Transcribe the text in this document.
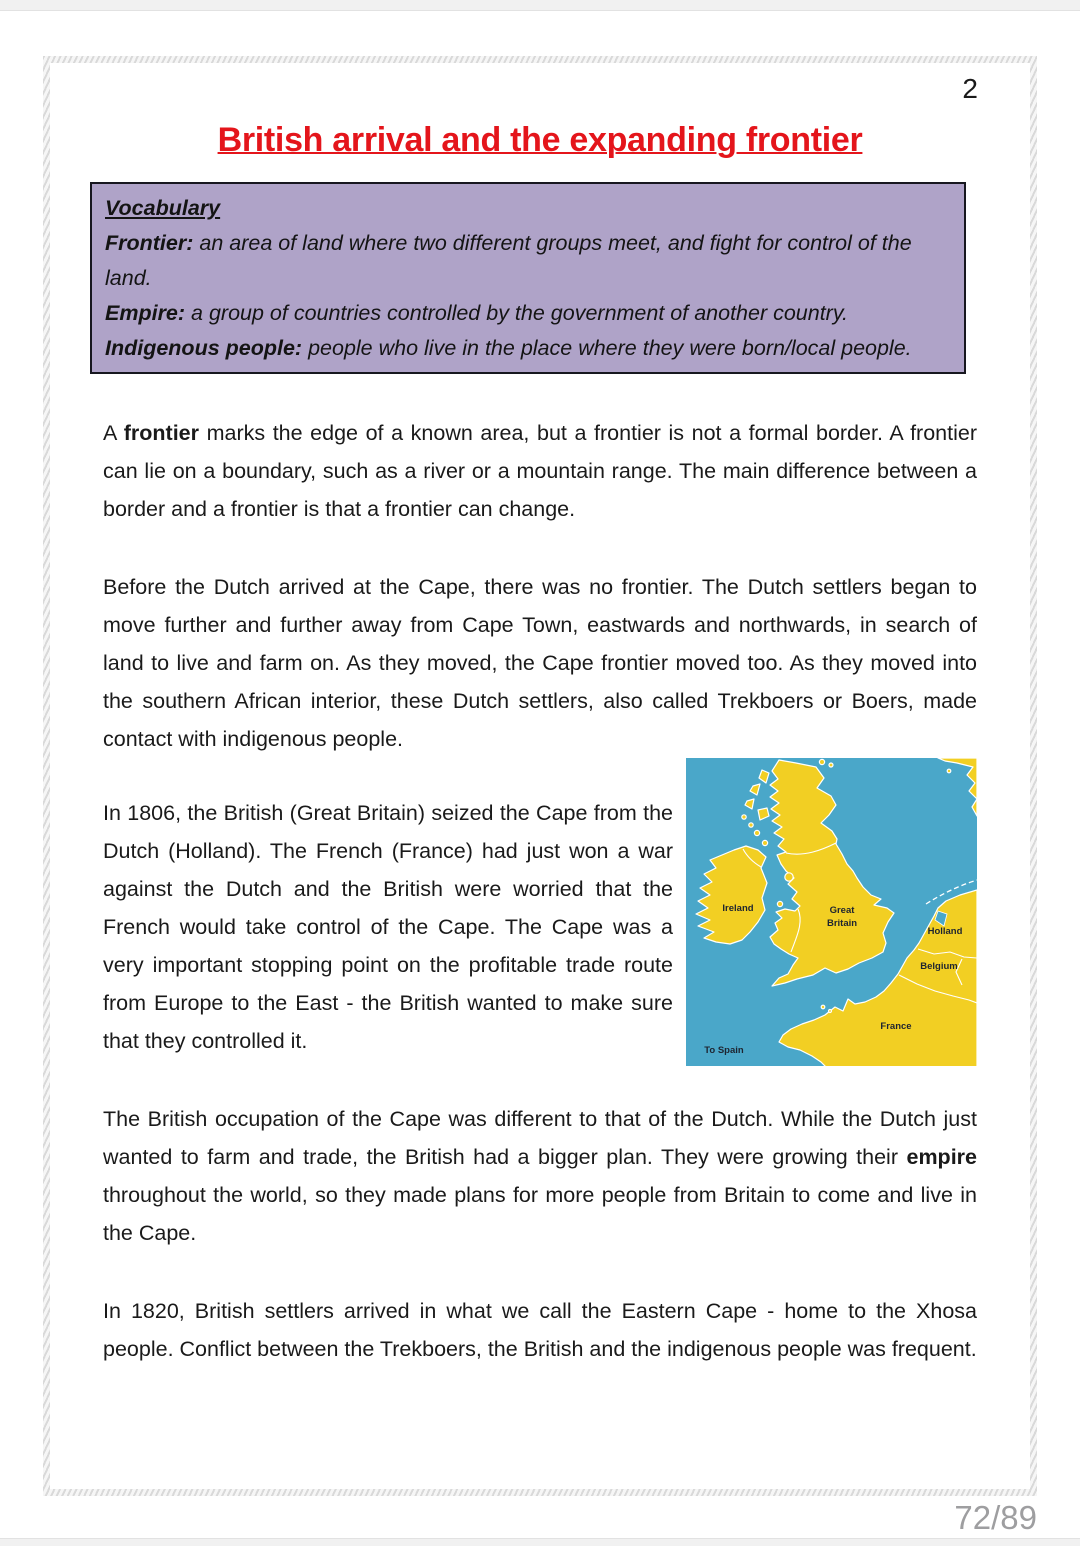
2
British arrival and the expanding frontier
Vocabulary
Frontier: an area of land where two different groups meet, and fight for control of the land.
Empire: a group of countries controlled by the government of another country.
Indigenous people: people who live in the place where they were born/local people.

A frontier marks the edge of a known area, but a frontier is not a formal border. A frontier can lie on a boundary, such as a river or a mountain range. The main difference between a border and a frontier is that a frontier can change.

Before the Dutch arrived at the Cape, there was no frontier. The Dutch settlers began to move further and further away from Cape Town, eastwards and northwards, in search of land to live and farm on. As they moved, the Cape frontier moved too. As they moved into the southern African interior, these Dutch settlers, also called Trekboers or Boers, made contact with indigenous people.

In 1806, the British (Great Britain) seized the Cape from the Dutch (Holland). The French (France) had just won a war against the Dutch and the British were worried that the French would take control of the Cape. The Cape was a very important stopping point on the profitable trade route from Europe to the East - the British wanted to make sure that they controlled it.

Ireland	Great
Britain
Holland
Belgium
France
To Spain

The British occupation of the Cape was different to that of the Dutch. While the Dutch just wanted to farm and trade, the British had a bigger plan. They were growing their empire throughout the world, so they made plans for more people from Britain to come and live in the Cape.

In 1820, British settlers arrived in what we call the Eastern Cape - home to the Xhosa people. Conflict between the Trekboers, the British and the indigenous people was frequent.

72/89
